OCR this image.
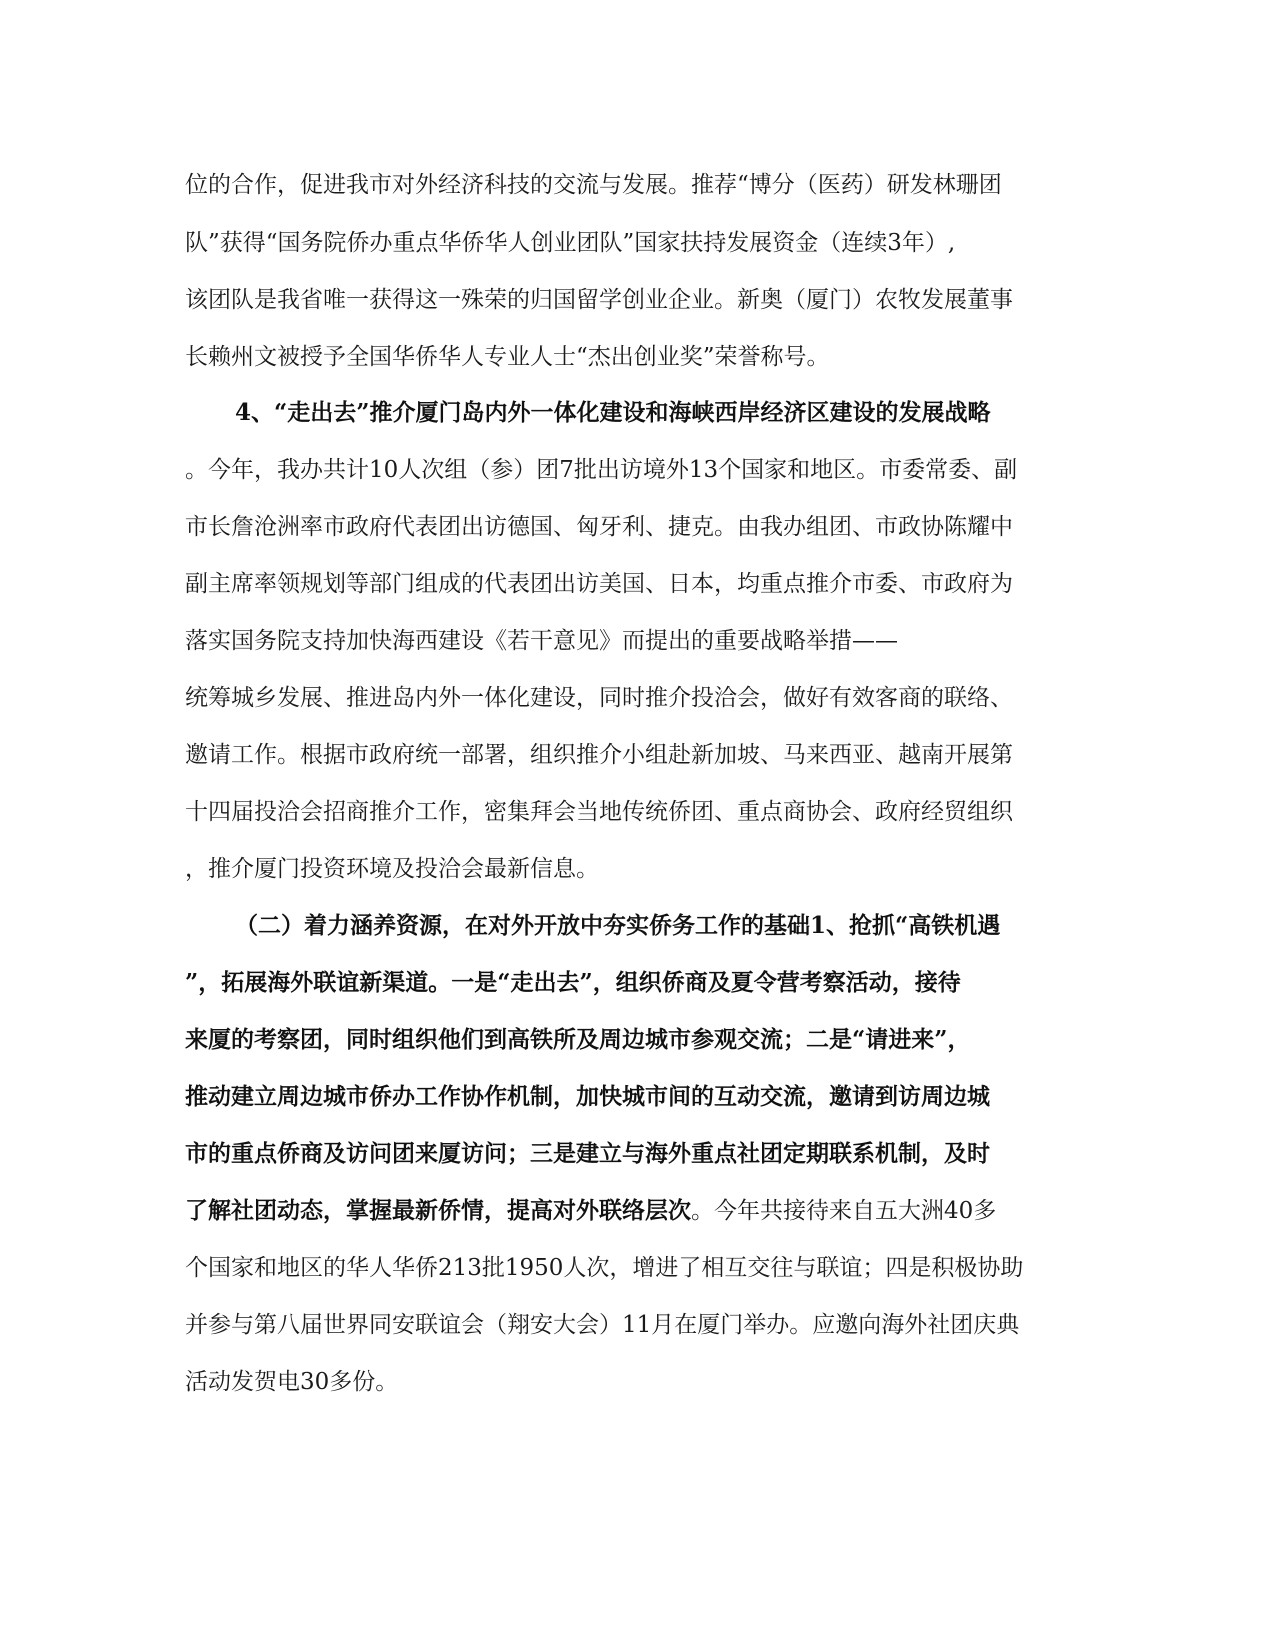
位的合作，促进我市对外经济科技的交流与发展。推荐“博分（医药）研发林珊团
队”获得“国务院侨办重点华侨华人创业团队”国家扶持发展资金（连续3年）,
该团队是我省唯一获得这一殊荣的归国留学创业企业。新奥（厦门）农牧发展董事
长赖州文被授予全国华侨华人专业人士“杰出创业奖”荣誉称号。
4、“走出去”推介厦门岛内外一体化建设和海峡西岸经济区建设的发展战略
。今年，我办共计10人次组（参）团7批出访境外13个国家和地区。市委常委、副
市长詹沧洲率市政府代表团出访德国、匈牙利、捷克。由我办组团、市政协陈耀中
副主席率领规划等部门组成的代表团出访美国、日本，均重点推介市委、市政府为
落实国务院支持加快海西建设《若干意见》而提出的重要战略举措——
统筹城乡发展、推进岛内外一体化建设，同时推介投洽会，做好有效客商的联络、
邀请工作。根据市政府统一部署，组织推介小组赴新加坡、马来西亚、越南开展第
十四届投洽会招商推介工作，密集拜会当地传统侨团、重点商协会、政府经贸组织
，推介厦门投资环境及投洽会最新信息。
（二）着力涵养资源，在对外开放中夯实侨务工作的基础1、抢抓“高铁机遇
”，拓展海外联谊新渠道。一是“走出去”，组织侨商及夏令营考察活动，接待
来厦的考察团，同时组织他们到高铁所及周边城市参观交流；二是“请进来”，
推动建立周边城市侨办工作协作机制，加快城市间的互动交流，邀请到访周边城
市的重点侨商及访问团来厦访问；三是建立与海外重点社团定期联系机制，及时
了解社团动态，掌握最新侨情，提高对外联络层次。今年共接待来自五大洲40多
个国家和地区的华人华侨213批1950人次，增进了相互交往与联谊；四是积极协助
并参与第八届世界同安联谊会（翔安大会）11月在厦门举办。应邀向海外社团庆典
活动发贺电30多份。
